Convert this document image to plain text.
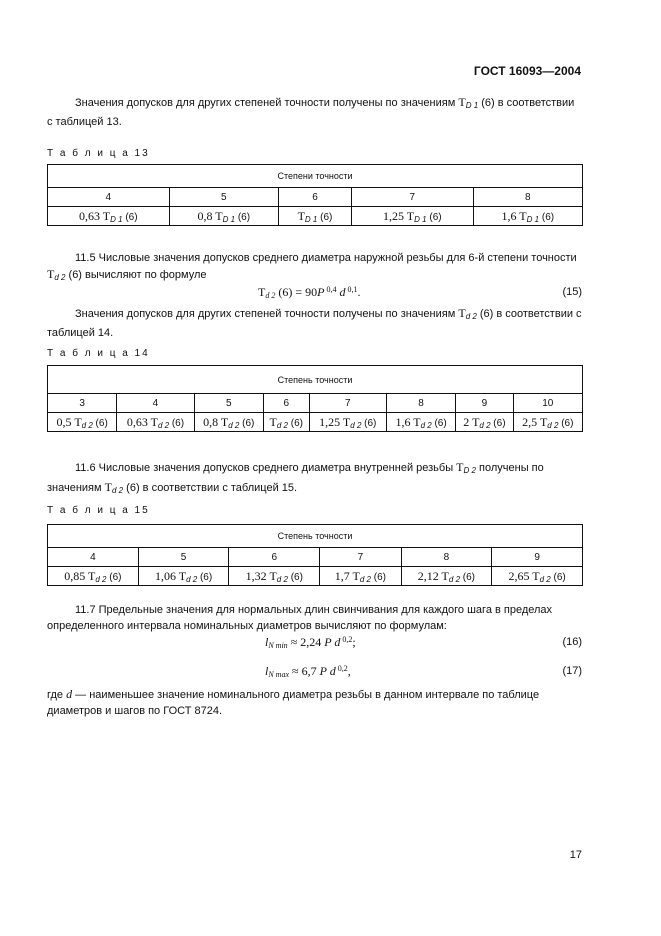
ГОСТ 16093—2004
Значения допусков для других степеней точности получены по значениям $T_{D 1}$ (6) в соответствии с таблицей 13.
Т а б л и ц а 13
Степени точности				
4	5	6	7	8
0,63 $T_{D 1}$ (6)	0,8 $T_{D 1}$ (6)	$T_{D 1}$ (6)	1,25 $T_{D 1}$ (6)	1,6 $T_{D 1}$ (6)
11.5 Числовые значения допусков среднего диаметра наружной резьбы для 6-й степени точности $T_{d 2}$ (6) вычисляют по формуле
$T_{d 2}$ (6) = 90P $^{0,4}$ d $^{0,1}$.	(15)
Значения допусков для других степеней точности получены по значениям $T_{d 2}$ (6) в соответствии с таблицей 14.
Т а б л и ц а 14
Степень точности							
3	4	5	6	7	8	9	10
0,5 $T_{d 2}$ (6)	0,63 $T_{d 2}$ (6)	0,8 $T_{d 2}$ (6)	$T_{d 2}$ (6)	1,25 $T_{d 2}$ (6)	1,6 $T_{d 2}$ (6)	2 $T_{d 2}$ (6)	2,5 $T_{d 2}$ (6)
11.6 Числовые значения допусков среднего диаметра внутренней резьбы $T_{D 2}$ получены по значениям $T_{d 2}$ (6) в соответствии с таблицей 15.
Т а б л и ц а 15
Степень точности					
4	5	6	7	8	9
0,85 $T_{d 2}$ (6)	1,06 $T_{d 2}$ (6)	1,32 $T_{d 2}$ (6)	1,7 $T_{d 2}$ (6)	2,12 $T_{d 2}$ (6)	2,65 $T_{d 2}$ (6)
11.7 Предельные значения для нормальных длин свинчивания для каждого шага в пределах определенного интервала номинальных диаметров вычисляют по формулам:
$l_{N min} \approx 2,24$ P d $^{0,2}$;	(16)
$l_{N max} \approx 6,7$ P d $^{0,2}$,	(17)
где d — наименьшее значение номинального диаметра резьбы в данном интервале по таблице диаметров и шагов по ГОСТ 8724.
17
